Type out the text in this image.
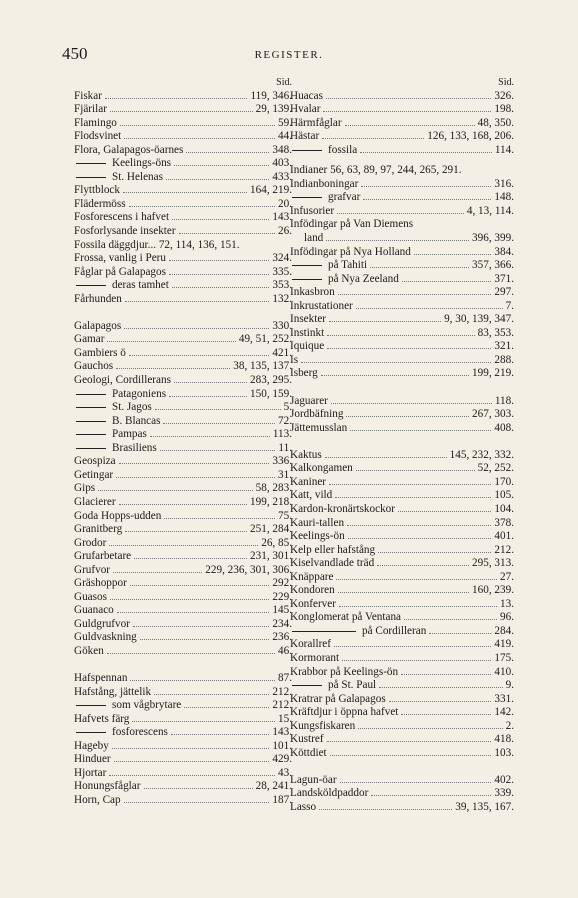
450	REGISTER.
Sid.
Fiskar	119, 346.
Fjärilar	29, 139.
Flamingo	59.
Flodsvinet	44.
Flora, Galapagos-öarnes	348.
Keelings-öns	403.
St. Helenas	433.
Flyttblock	164, 219.
Flädermöss	20.
Fosforescens i hafvet	143.
Fosforlysande insekter	26.
Fossila däggdjur... 72, 114, 136, 151.
Frossa, vanlig i Peru	324.
Fåglar på Galapagos	335.
deras tamhet	353.
Fårhunden	132.
Galapagos	330.
Gamar	49, 51, 252.
Gambiers ö	421.
Gauchos	38, 135, 137.
Geologi, Cordillerans	283, 295.
Patagoniens	150, 159.
St. Jagos	5.
B. Blancas	72.
Pampas	113.
Brasiliens	11.
Geospiza	336.
Getingar	31.
Gips	58, 283.
Glacierer	199, 218.
Goda Hopps-udden	75.
Granitberg	251, 284.
Grodor	26, 85.
Grufarbetare	231, 301.
Grufvor	229, 236, 301, 306.
Gräshoppor	292.
Guasos	229.
Guanaco	145.
Guldgrufvor	234.
Guldvaskning	236.
Göken	46.
Hafspennan	87.
Hafstång, jättelik	212.
som vågbrytare	212.
Hafvets färg	15.
fosforescens	143.
Hageby	101.
Hinduer	429.
Hjortar	43.
Honungsfåglar	28, 241.
Horn, Cap	187.
Sid.
Huacas	326.
Hvalar	198.
Härmfåglar	48, 350.
Hästar	126, 133, 168, 206.
fossila	114.
Indianer 56, 63, 89, 97, 244, 265, 291.
Indianboningar	316.
grafvar	148.
Infusorier	4, 13, 114.
Infödingar på Van Diemens
land	396, 399.
Infödingar på Nya Holland	384.
på Tahiti	357, 366.
på Nya Zeeland	371.
Inkasbron	297.
Inkrustationer	7.
Insekter	9, 30, 139, 347.
Instinkt	83, 353.
Iquique	321.
Is	288.
Isberg	199, 219.
Jaguarer	118.
Jordbäfning	267, 303.
Jättemusslan	408.
Kaktus	145, 232, 332.
Kalkongamen	52, 252.
Kaniner	170.
Katt, vild	105.
Kardon-kronärtskockor	104.
Kauri-tallen	378.
Keelings-ön	401.
Kelp eller hafstång	212.
Kiselvandlade träd	295, 313.
Knäppare	27.
Kondoren	160, 239.
Konferver	13.
Konglomerat på Ventana	96.
på Cordilleran	284.
Korallref	419.
Kormorant	175.
Krabbor på Keelings-ön	410.
på St. Paul	9.
Kratrar på Galapagos	331.
Kräftdjur i öppna hafvet	142.
Kungsfiskaren	2.
Kustref	418.
Köttdiet	103.
Lagun-öar	402.
Landsköldpaddor	339.
Lasso	39, 135, 167.
